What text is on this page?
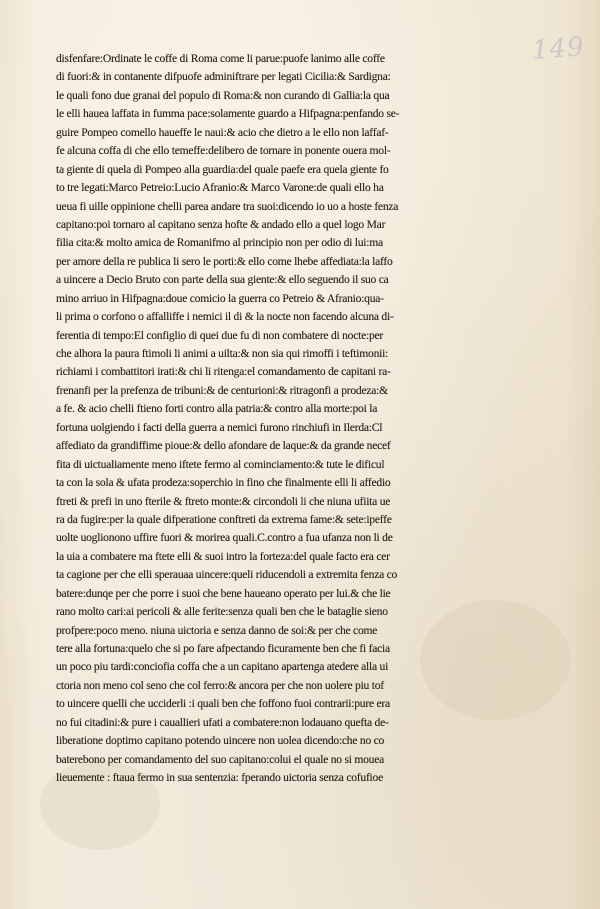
149
disfenfare:Ordinate le coffe di Roma come li parue:puofe lanimo alle coffe
di fuori:& in contanente difpuofe adminiftrare per legati Cicilia:& Sardigna:
le quali fono due granai del populo di Roma:& non curando di Gallia:la qua
le elli hauea laffata in fumma pace:solamente guardo a Hifpagna:penfando se-
guire Pompeo comello haueffe le naui:& acio che dietro a le ello non laffaf-
fe alcuna coffa di che ello temeffe:delibero de tornare in ponente ouera mol-
ta giente di quela di Pompeo alla guardia:del quale paefe era quela giente fo
to tre legati:Marco Petreio:Lucio Afranio:& Marco Varone:de quali ello ha
ueua fi uille oppinione chelli parea andare tra suoi:dicendo io uo a hoste fenza
capitano:poi tornaro al capitano senza hofte & andado ello a quel logo Mar
filia cita:& molto amica de Romanifmo al principio non per odio di lui:ma
per amore della re publica li sero le porti:& ello come lhebe affediata:la laffo
a uincere a Decio Bruto con parte della sua giente:& ello seguendo il suo ca
mino arriuo in Hifpagna:doue comicio la guerra co Petreio & Afranio:qua-
li prima o corfono o affalliffe i nemici il di & la nocte non facendo alcuna di-
ferentia di tempo:El configlio di quei due fu di non combatere di nocte:per
che alhora la paura ftimoli li animi a uilta:& non sia qui rimoffi i teftimonii:
richiami i combattitori irati:& chi li ritenga:el comandamento de capitani ra-
frenanfi per la prefenza de tribuni:& de centurioni:& ritragonfi a prodeza:&
a fe. & acio chelli ftieno forti contro alla patria:& contro alla morte:poi la
fortuna uolgiendo i facti della guerra a nemici furono rinchiufi in Ilerda:Cl
affediato da grandiffime pioue:& dello afondare de laque:& da grande necef
fita di uictualiamente meno iftete fermo al cominciamento:& tute le dificul
ta con la sola & ufata prodeza:soperchio in fino che finalmente elli li affedio
ftreti & prefi in uno fterile & ftreto monte:& circondoli li che niuna ufiita ue
ra da fugire:per la quale difperatione conftreti da extrema fame:& sete:ipeffe
uolte uoglionono uffire fuori & morirea quali.C.contro a fua ufanza non li de
la uia a combatere ma ftete elli & suoi intro la forteza:del quale facto era cer
ta cagione per che elli sperauaa uincere:queli riducendoli a extremita fenza co
batere:dunqe per che porre i suoi che bene haueano operato per lui.& che lie
rano molto cari:ai pericoli & alle ferite:senza quali ben che le bataglie sieno
profpere:poco meno. niuna uictoria e senza danno de soi:& per che come
tere alla fortuna:quelo che si po fare afpectando ficuramente ben che fi facia
un poco piu tardi:conciofia coffa che a un capitano apartenga atedere alla ui
ctoria non meno col seno che col ferro:& ancora per che non uolere piu tof
to uincere quelli che ucciderli :i quali ben che foffono fuoi contrarii:pure era
no fui citadini:& pure i cauallieri ufati a combatere:non lodauano quefta de-
liberatione doptimo capitano potendo uincere non uolea dicendo:che no co
baterebono per comandamento del suo capitano:colui el quale no si mouea
lieuemente : ftaua fermo in sua sentenzia: fperando uictoria senza cofufioe
